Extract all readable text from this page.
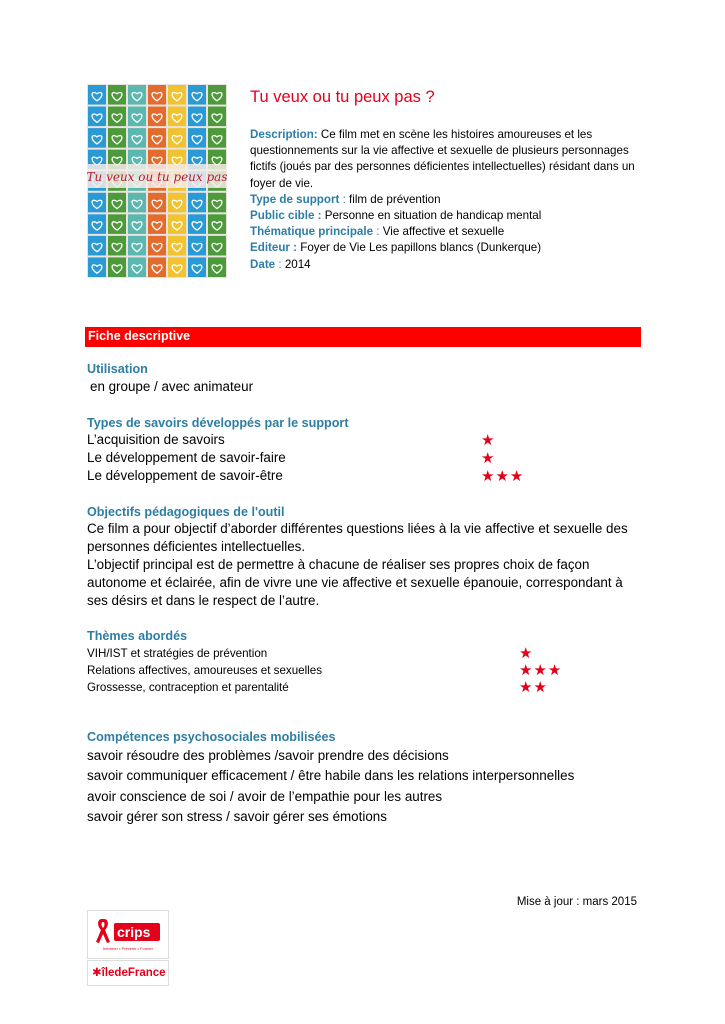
Tu veux ou tu peux pas
Tu veux ou tu peux pas ?
Description: Ce film met en scène les histoires amoureuses et les questionnements sur la vie affective et sexuelle de plusieurs personnages fictifs (joués par des personnes déficientes intellectuelles) résidant dans un foyer de vie.
Type de support : film de prévention
Public cible : Personne en situation de handicap mental
Thématique principale : Vie affective et sexuelle
Editeur : Foyer de Vie Les papillons blancs (Dunkerque)
Date : 2014
Fiche descriptive
Utilisation
en groupe / avec animateur
Types de savoirs développés par le support
L’acquisition de savoirs	★
Le développement de savoir-faire	★
Le développement de savoir-être	★★★
Objectifs pédagogiques de l'outil
Ce film a pour objectif d’aborder différentes questions liées à la vie affective et sexuelle des personnes déficientes intellectuelles.
L’objectif principal est de permettre à chacune de réaliser ses propres choix de façon autonome et éclairée, afin de vivre une vie affective et sexuelle épanouie, correspondant à ses désirs et dans le respect de l’autre.
Thèmes abordés
VIH/IST et stratégies de prévention	★
Relations affectives, amoureuses et sexuelles	★★★
Grossesse, contraception et parentalité	★★
Compétences psychosociales mobilisées
savoir résoudre des problèmes /savoir prendre des décisions
savoir communiquer efficacement / être habile dans les relations interpersonnelles
avoir conscience de soi / avoir de l’empathie pour les autres
savoir gérer son stress / savoir gérer ses émotions
Mise à jour : mars 2015
crips
Informer • Prévenir • Former
✱îledeFrance
